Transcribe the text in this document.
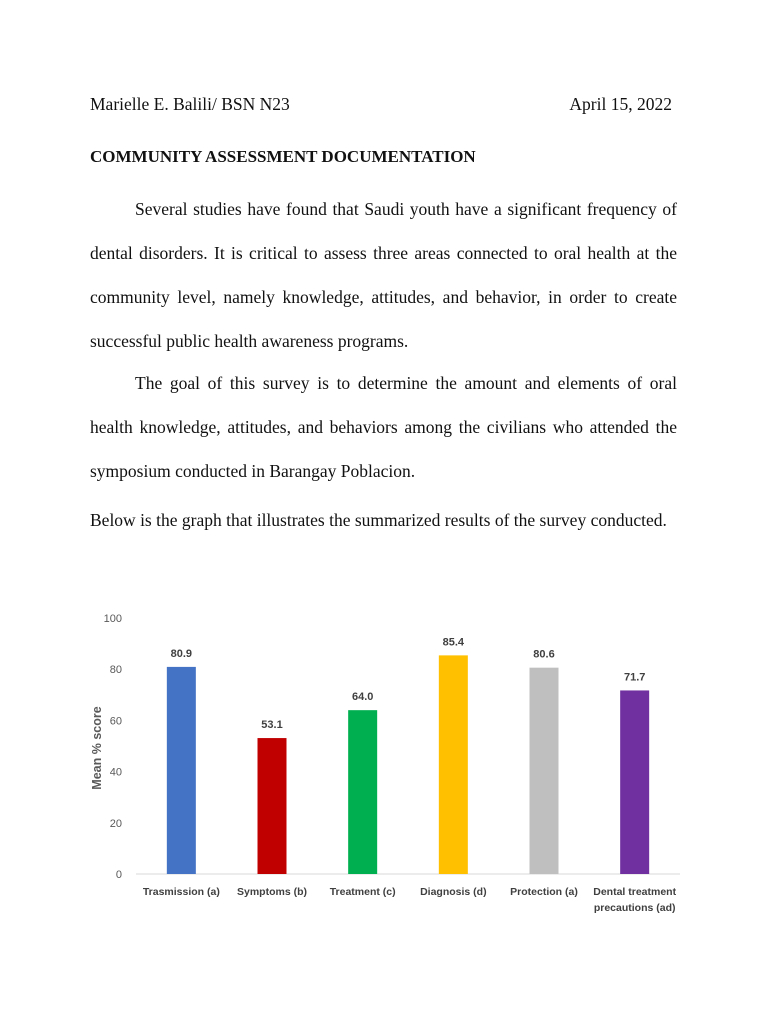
Marielle E. Balili/ BSN N23	April 15, 2022
COMMUNITY ASSESSMENT DOCUMENTATION

Several studies have found that Saudi youth have a significant frequency of dental disorders. It is critical to assess three areas connected to oral health at the community level, namely knowledge, attitudes, and behavior, in order to create successful public health awareness programs.

The goal of this survey is to determine the amount and elements of oral health knowledge, attitudes, and behaviors among the civilians who attended the symposium conducted in Barangay Poblacion.

Below is the graph that illustrates the summarized results of the survey conducted.

0
20
40
60
80
100
Mean % score
80.9
Trasmission (a)
53.1
Symptoms (b)
64.0
Treatment (c)
85.4
Diagnosis (d)
80.6
Protection (a)
71.7
Dental treatment
precautions (ad)
